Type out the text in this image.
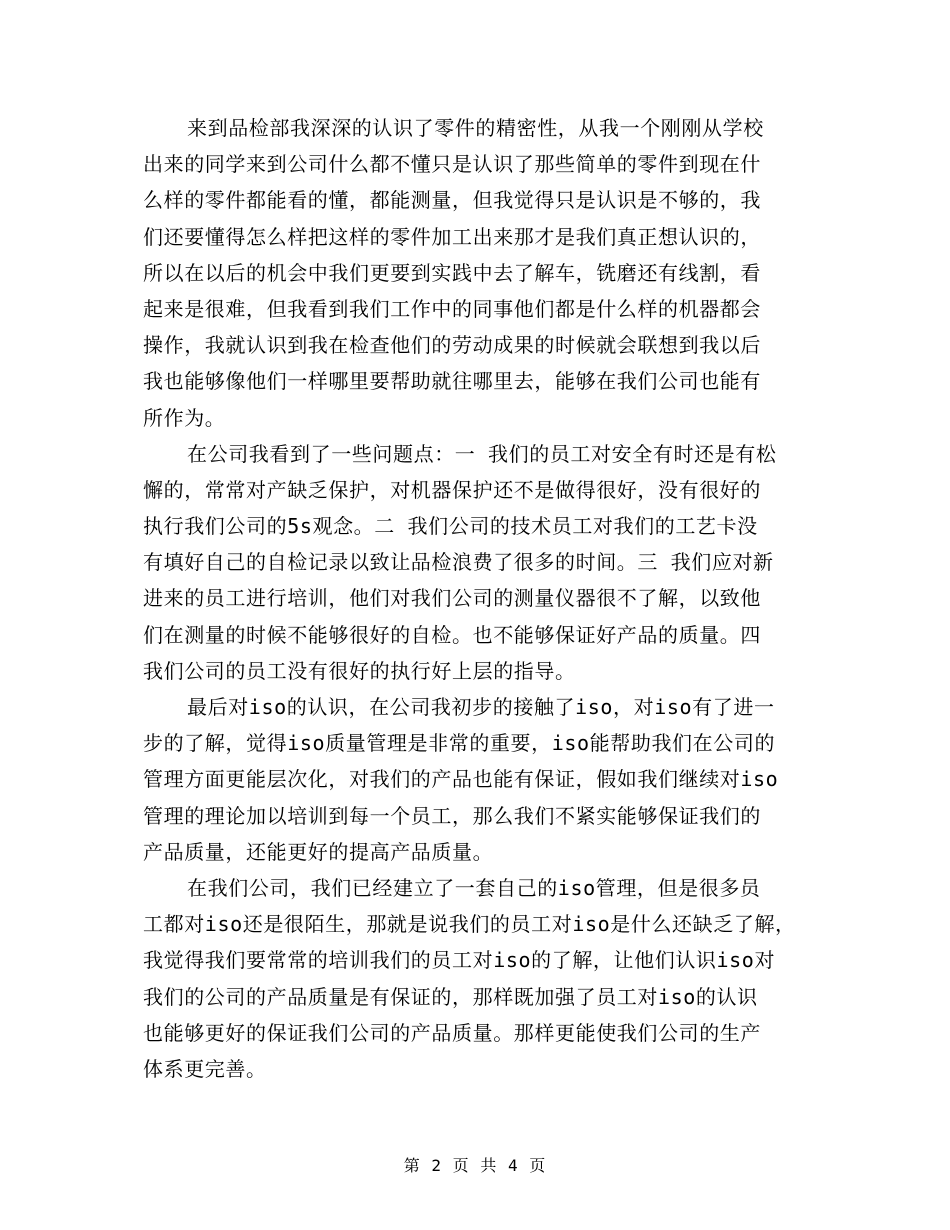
来到品检部我深深的认识了零件的精密性，从我一个刚刚从学校
出来的同学来到公司什么都不懂只是认识了那些简单的零件到现在什
么样的零件都能看的懂，都能测量，但我觉得只是认识是不够的，我
们还要懂得怎么样把这样的零件加工出来那才是我们真正想认识的，
所以在以后的机会中我们更要到实践中去了解车，铣磨还有线割，看
起来是很难，但我看到我们工作中的同事他们都是什么样的机器都会
操作，我就认识到我在检查他们的劳动成果的时候就会联想到我以后
我也能够像他们一样哪里要帮助就往哪里去，能够在我们公司也能有
所作为。
在公司我看到了一些问题点：一 我们的员工对安全有时还是有松
懈的，常常对产缺乏保护，对机器保护还不是做得很好，没有很好的
执行我们公司的5s观念。二 我们公司的技术员工对我们的工艺卡没
有填好自己的自检记录以致让品检浪费了很多的时间。三 我们应对新
进来的员工进行培训，他们对我们公司的测量仪器很不了解，以致他
们在测量的时候不能够很好的自检。也不能够保证好产品的质量。四
我们公司的员工没有很好的执行好上层的指导。
最后对iso的认识，在公司我初步的接触了iso，对iso有了进一
步的了解，觉得iso质量管理是非常的重要，iso能帮助我们在公司的
管理方面更能层次化，对我们的产品也能有保证，假如我们继续对iso
管理的理论加以培训到每一个员工，那么我们不紧实能够保证我们的
产品质量，还能更好的提高产品质量。
在我们公司，我们已经建立了一套自己的iso管理，但是很多员
工都对iso还是很陌生，那就是说我们的员工对iso是什么还缺乏了解，
我觉得我们要常常的培训我们的员工对iso的了解，让他们认识iso对
我们的公司的产品质量是有保证的，那样既加强了员工对iso的认识
也能够更好的保证我们公司的产品质量。那样更能使我们公司的生产
体系更完善。
第 2 页 共 4 页
